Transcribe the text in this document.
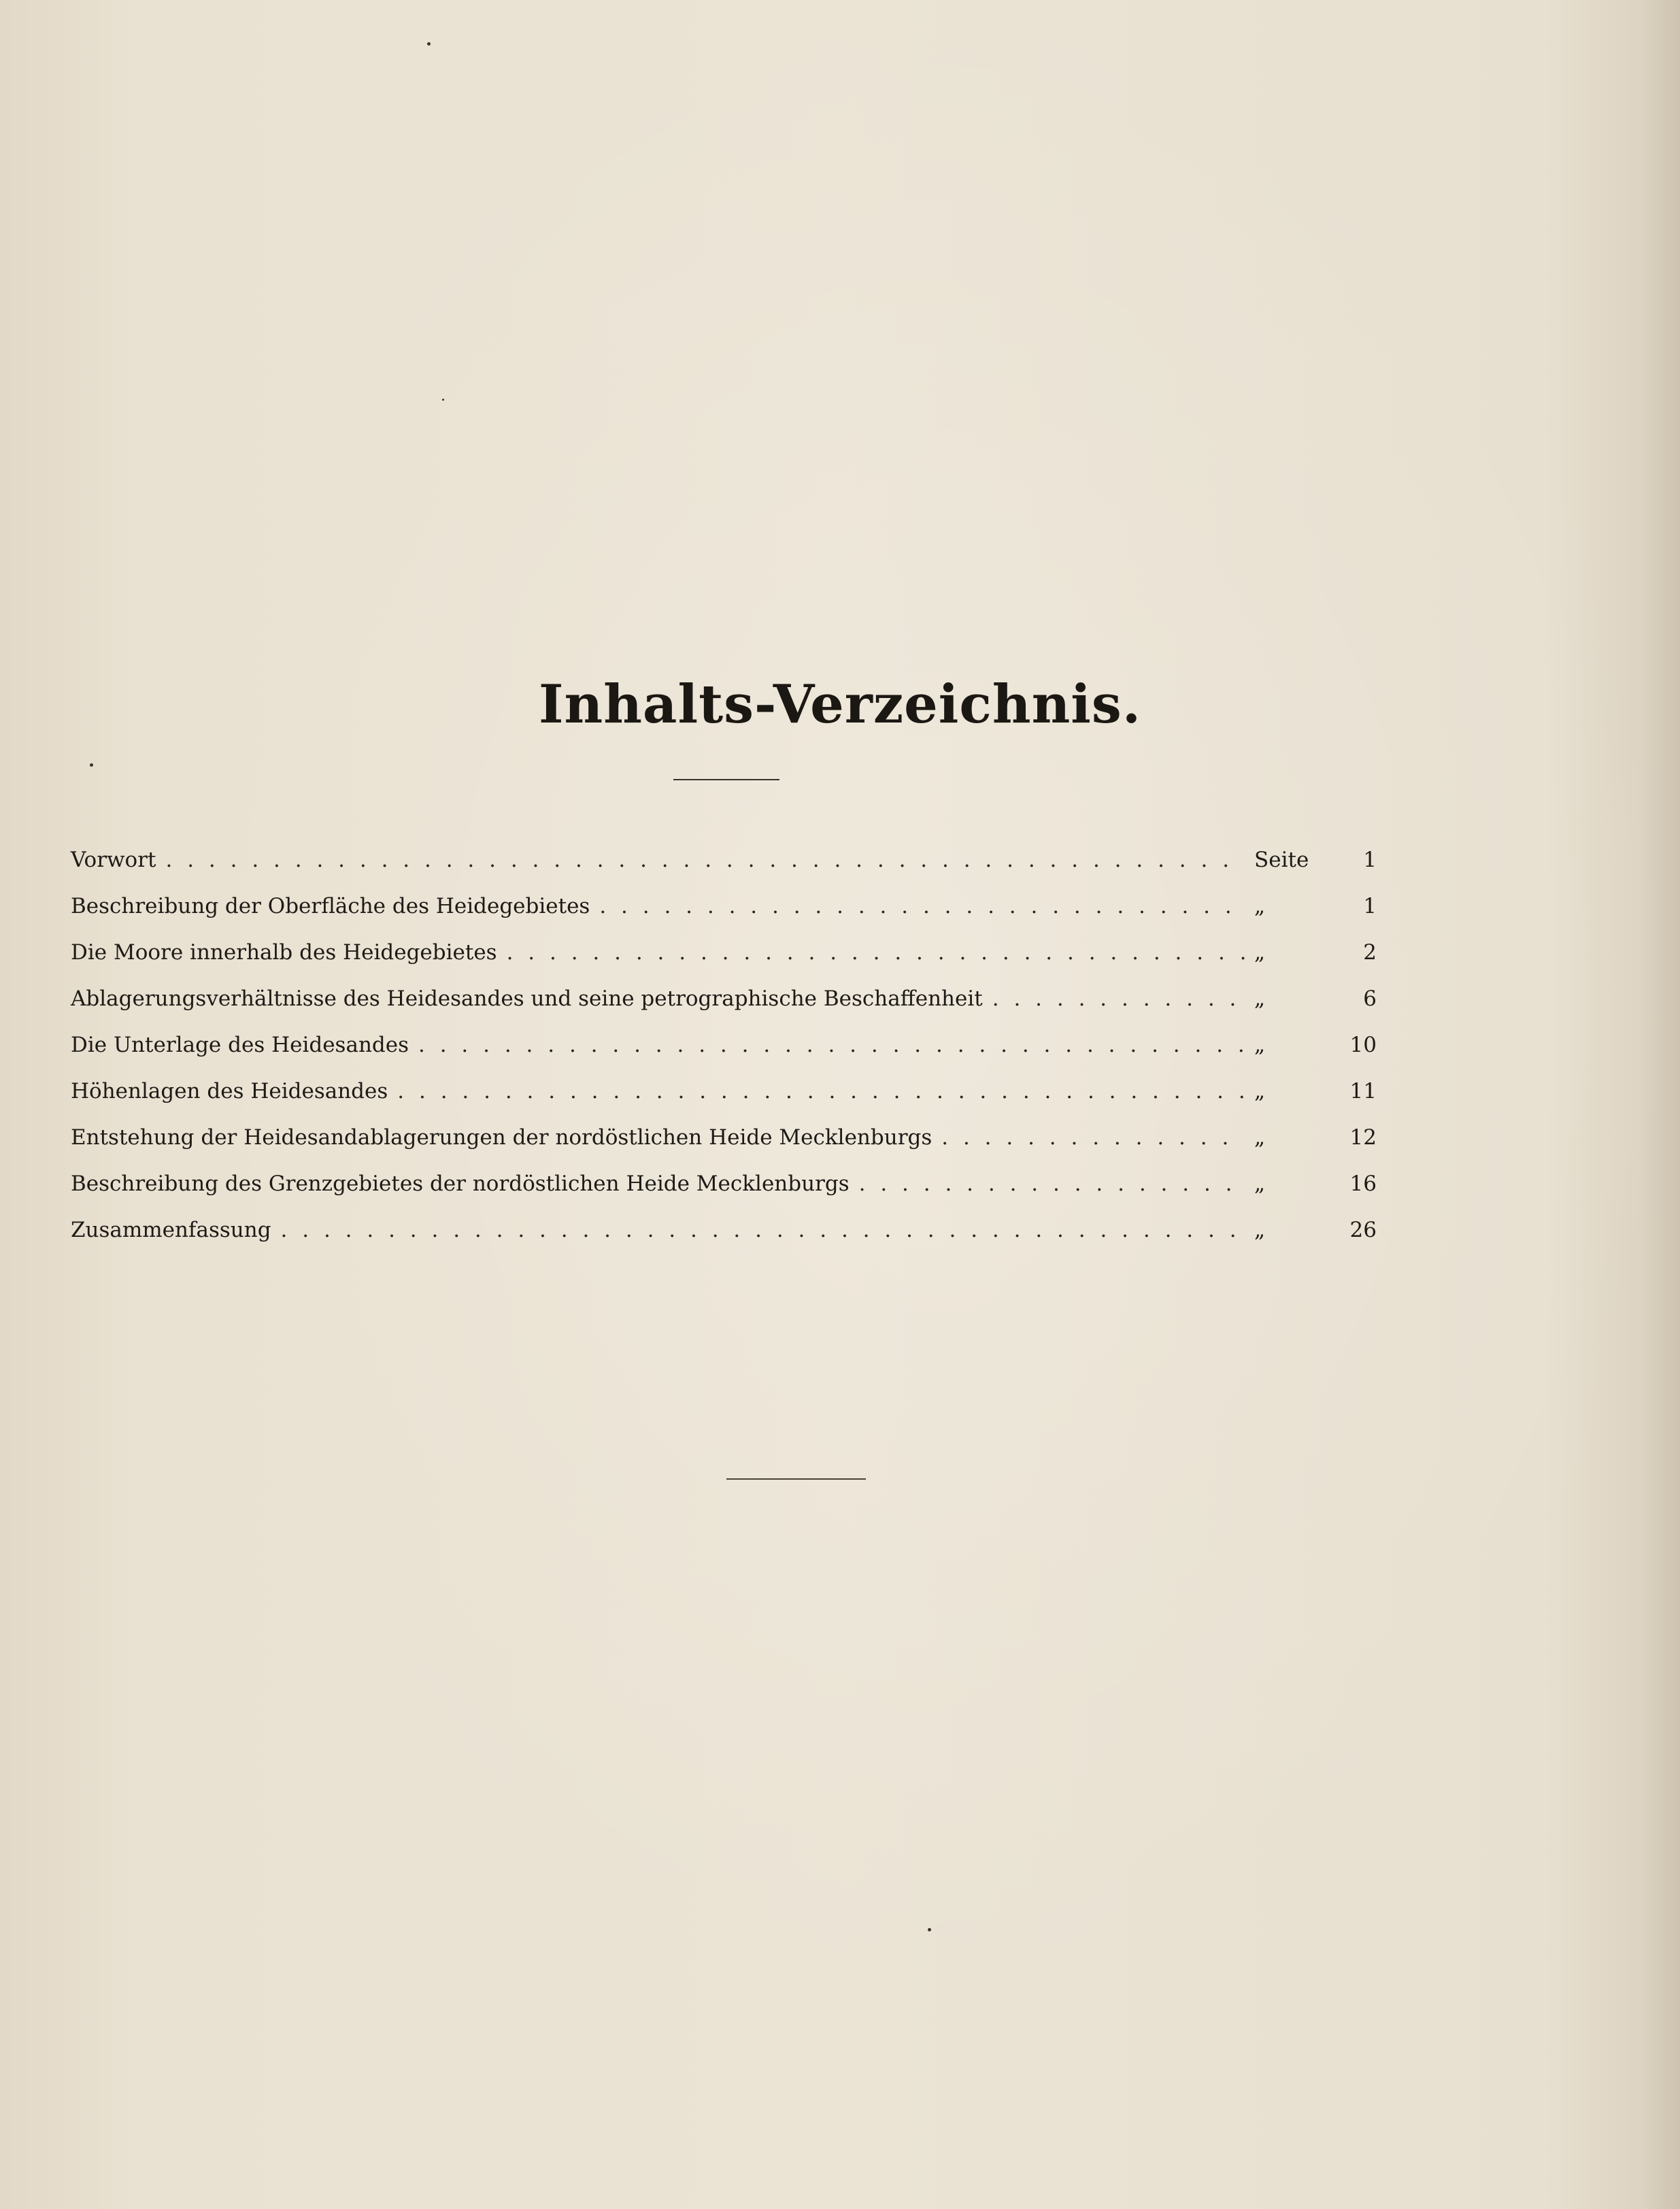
Inhalts-Verzeichnis.
Vorwort . . .	Seite	1
Beschreibung der Oberfläche des Heidegebietes . . .	„	1
Die Moore innerhalb des Heidegebietes . . .	„	2
Ablagerungsverhältnisse des Heidesandes und seine petrographische Beschaffenheit . . .	„	6
Die Unterlage des Heidesandes . . .	„	10
Höhenlagen des Heidesandes . . .	„	11
Entstehung der Heidesandablagerungen der nordöstlichen Heide Mecklenburgs . . .	„	12
Beschreibung des Grenzgebietes der nordöstlichen Heide Mecklenburgs . . .	„	16
Zusammenfassung . . .	„	26
